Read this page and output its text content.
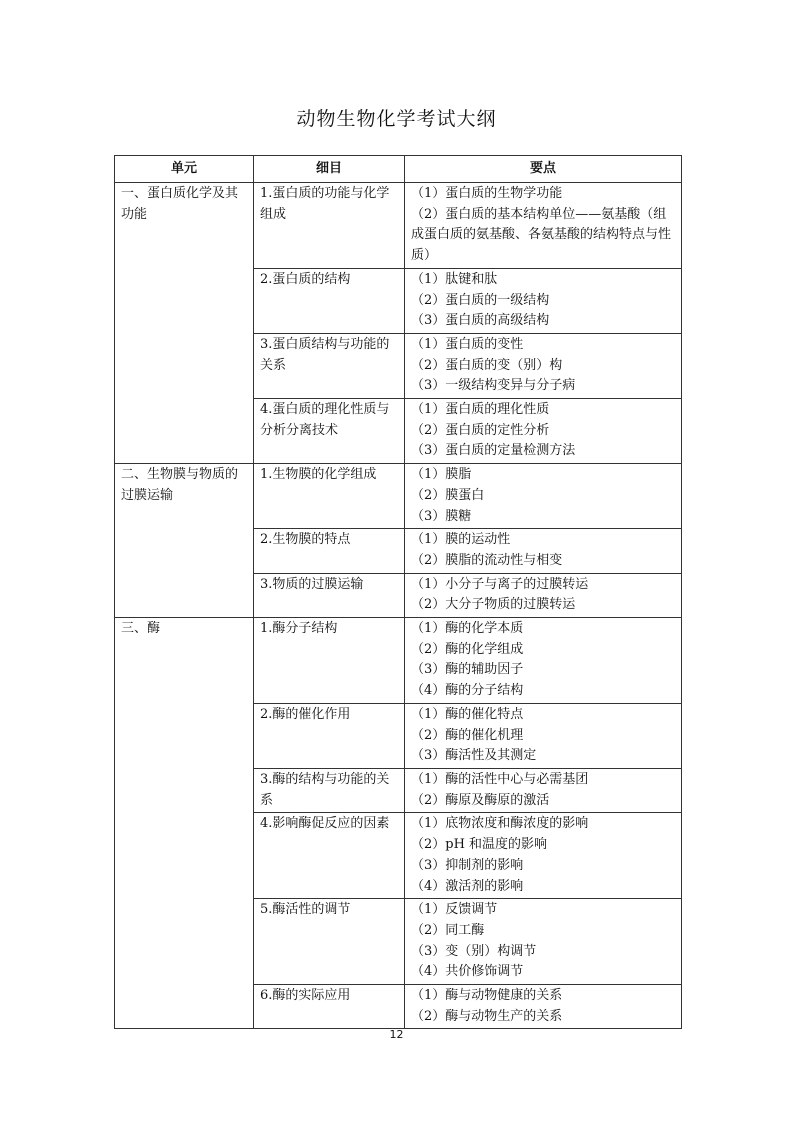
动物生物化学考试大纲
单元	细目	要点
一、蛋白质化学及其功能	1.蛋白质的功能与化学组成	（1）蛋白质的生物学功能
（2）蛋白质的基本结构单位——氨基酸（组成蛋白质的氨基酸、各氨基酸的结构特点与性质）

	2.蛋白质的结构	（1）肽键和肽
（2）蛋白质的一级结构
（3）蛋白质的高级结构

	3.蛋白质结构与功能的关系	（1）蛋白质的变性
（2）蛋白质的变（别）构
（3）一级结构变异与分子病

	4.蛋白质的理化性质与分析分离技术	（1）蛋白质的理化性质
（2）蛋白质的定性分析
（3）蛋白质的定量检测方法

二、生物膜与物质的过膜运输	1.生物膜的化学组成	（1）膜脂
（2）膜蛋白
（3）膜糖

	2.生物膜的特点	（1）膜的运动性
（2）膜脂的流动性与相变

	3.物质的过膜运输	（1）小分子与离子的过膜转运
（2）大分子物质的过膜转运

三、酶	1.酶分子结构	（1）酶的化学本质
（2）酶的化学组成
（3）酶的辅助因子
（4）酶的分子结构

	2.酶的催化作用	（1）酶的催化特点
（2）酶的催化机理
（3）酶活性及其测定

	3.酶的结构与功能的关系	（1）酶的活性中心与必需基团
（2）酶原及酶原的激活

	4.影响酶促反应的因素	（1）底物浓度和酶浓度的影响
（2）pH 和温度的影响
（3）抑制剂的影响
（4）激活剂的影响

	5.酶活性的调节	（1）反馈调节
（2）同工酶
（3）变（别）构调节
（4）共价修饰调节

	6.酶的实际应用	（1）酶与动物健康的关系
（2）酶与动物生产的关系
12
